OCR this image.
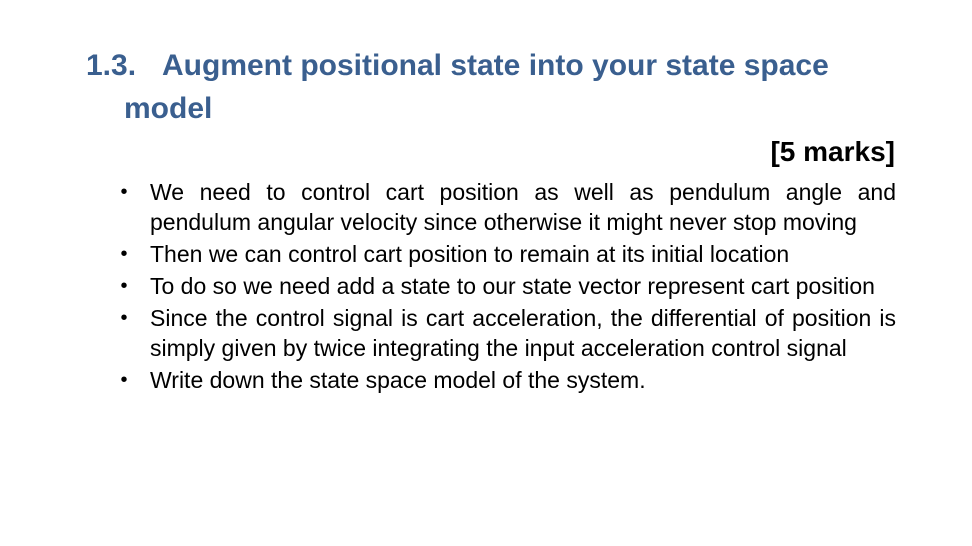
1.3. Augment positional state into your state space
model
[5 marks]
• We need to control cart position as well as pendulum angle and pendulum angular velocity since otherwise it might never stop moving
• Then we can control cart position to remain at its initial location
• To do so we need add a state to our state vector represent cart position
• Since the control signal is cart acceleration, the differential of position is simply given by twice integrating the input acceleration control signal
• Write down the state space model of the system.
